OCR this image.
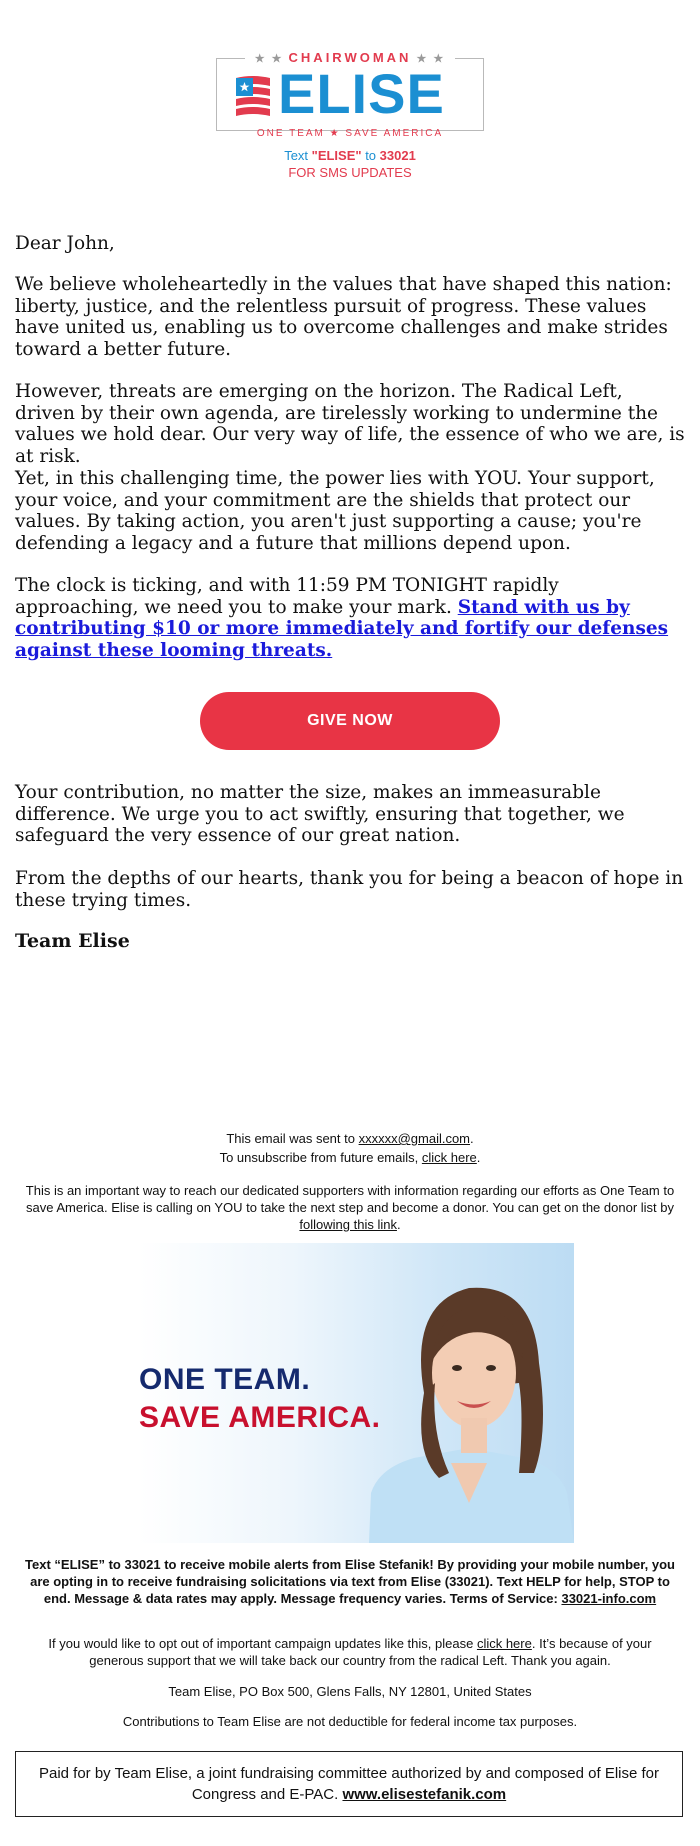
★ ★ CHAIRWOMAN ★ ★
ELISE
ONE TEAM ★ SAVE AMERICA
Text "ELISE" to 33021
FOR SMS UPDATES

Dear John,

We believe wholeheartedly in the values that have shaped this nation: liberty, justice, and the relentless pursuit of progress. These values have united us, enabling us to overcome challenges and make strides toward a better future.

However, threats are emerging on the horizon. The Radical Left, driven by their own agenda, are tirelessly working to undermine the values we hold dear. Our very way of life, the essence of who we are, is at risk.

Yet, in this challenging time, the power lies with YOU. Your support, your voice, and your commitment are the shields that protect our values. By taking action, you aren't just supporting a cause; you're defending a legacy and a future that millions depend upon.

The clock is ticking, and with 11:59 PM TONIGHT rapidly approaching, we need you to make your mark. Stand with us by contributing $10 or more immediately and fortify our defenses against these looming threats.

GIVE NOW

Your contribution, no matter the size, makes an immeasurable difference. We urge you to act swiftly, ensuring that together, we safeguard the very essence of our great nation.

From the depths of our hearts, thank you for being a beacon of hope in these trying times.

Team Elise
This email was sent to xxxxxx@gmail.com.
To unsubscribe from future emails, click here.
This is an important way to reach our dedicated supporters with information regarding our efforts as One Team to save America. Elise is calling on YOU to take the next step and become a donor. You can get on the donor list by following this link.
ONE TEAM.
SAVE AMERICA.
Text “ELISE” to 33021 to receive mobile alerts from Elise Stefanik! By providing your mobile number, you are opting in to receive fundraising solicitations via text from Elise (33021). Text HELP for help, STOP to end. Message & data rates may apply. Message frequency varies. Terms of Service: 33021-info.com
If you would like to opt out of important campaign updates like this, please click here. It’s because of your generous support that we will take back our country from the radical Left. Thank you again.
Team Elise, PO Box 500, Glens Falls, NY 12801, United States
Contributions to Team Elise are not deductible for federal income tax purposes.
Paid for by Team Elise, a joint fundraising committee authorized by and composed of Elise for Congress and E-PAC. www.elisestefanik.com
